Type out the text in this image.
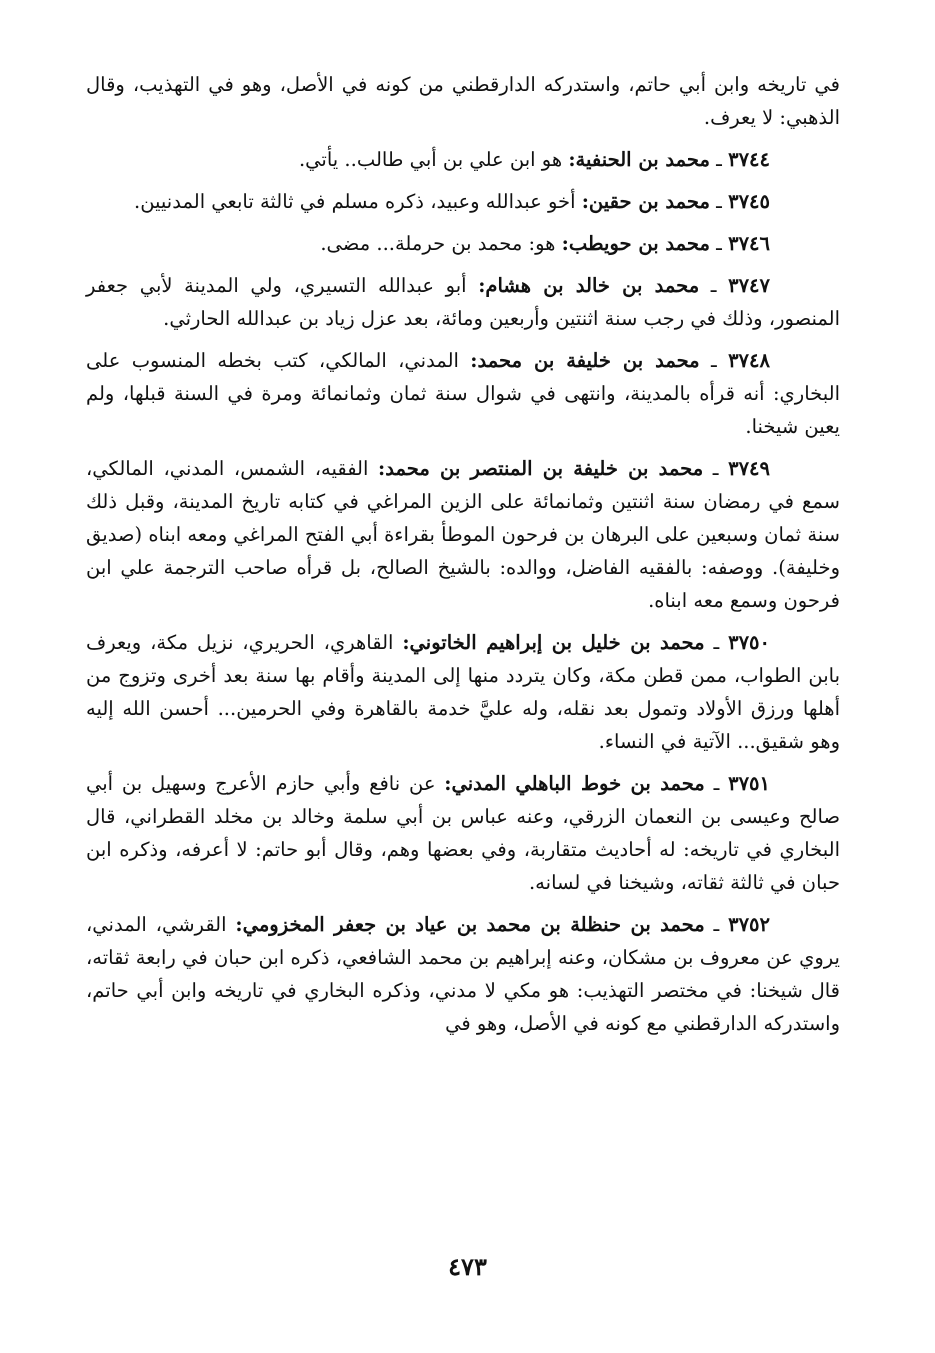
في تاريخه وابن أبي حاتم، واستدركه الدارقطني من كونه في الأصل، وهو في التهذيب، وقال الذهبي: لا يعرف.

٣٧٤٤ ـ محمد بن الحنفية: هو ابن علي بن أبي طالب.. يأتي.

٣٧٤٥ ـ محمد بن حقين: أخو عبدالله وعبيد، ذكره مسلم في ثالثة تابعي المدنيين.

٣٧٤٦ ـ محمد بن حويطب: هو: محمد بن حرملة... مضى.

٣٧٤٧ ـ محمد بن خالد بن هشام: أبو عبدالله التسيري، ولي المدينة لأبي جعفر المنصور، وذلك في رجب سنة اثنتين وأربعين ومائة، بعد عزل زياد بن عبدالله الحارثي.

٣٧٤٨ ـ محمد بن خليفة بن محمد: المدني، المالكي، كتب بخطه المنسوب على البخاري: أنه قرأه بالمدينة، وانتهى في شوال سنة ثمان وثمانمائة ومرة في السنة قبلها، ولم يعين شيخنا.

٣٧٤٩ ـ محمد بن خليفة بن المنتصر بن محمد: الفقيه، الشمس، المدني، المالكي، سمع في رمضان سنة اثنتين وثمانمائة على الزين المراغي في كتابه تاريخ المدينة، وقبل ذلك سنة ثمان وسبعين على البرهان بن فرحون الموطأ بقراءة أبي الفتح المراغي ومعه ابناه (صديق وخليفة). ووصفه: بالفقيه الفاضل، ووالده: بالشيخ الصالح، بل قرأه صاحب الترجمة علي ابن فرحون وسمع معه ابناه.

٣٧٥٠ ـ محمد بن خليل بن إبراهيم الخاتوني: القاهري، الحريري، نزيل مكة، ويعرف بابن الطواب، ممن قطن مكة، وكان يتردد منها إلى المدينة وأقام بها سنة بعد أخرى وتزوج من أهلها ورزق الأولاد وتمول بعد نقله، وله عليَّ خدمة بالقاهرة وفي الحرمين... أحسن الله إليه وهو شقيق... الآتية في النساء.

٣٧٥١ ـ محمد بن خوط الباهلي المدني: عن نافع وأبي حازم الأعرج وسهيل بن أبي صالح وعيسى بن النعمان الزرقي، وعنه عباس بن أبي سلمة وخالد بن مخلد القطراني، قال البخاري في تاريخه: له أحاديث متقاربة، وفي بعضها وهم، وقال أبو حاتم: لا أعرفه، وذكره ابن حبان في ثالثة ثقاته، وشيخنا في لسانه.

٣٧٥٢ ـ محمد بن حنظلة بن محمد بن عياد بن جعفر المخزومي: القرشي، المدني، يروي عن معروف بن مشكان، وعنه إبراهيم بن محمد الشافعي، ذكره ابن حبان في رابعة ثقاته، قال شيخنا: في مختصر التهذيب: هو مكي لا مدني، وذكره البخاري في تاريخه وابن أبي حاتم، واستدركه الدارقطني مع كونه في الأصل، وهو في

٤٧٣
